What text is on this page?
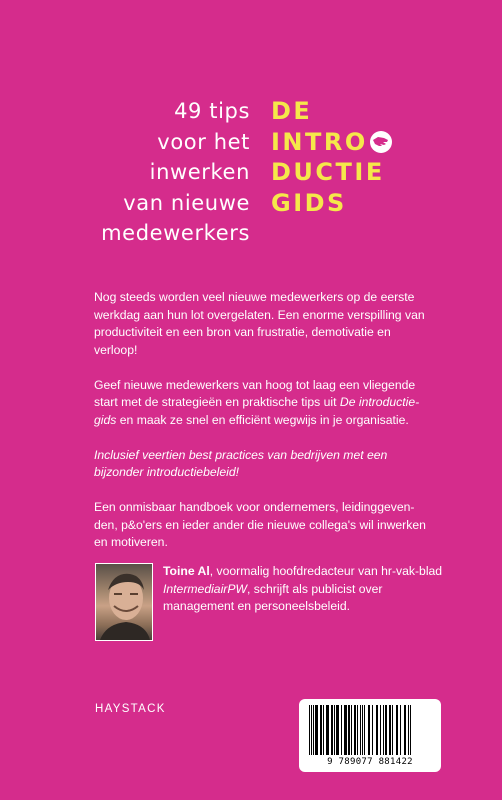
49 tips
voor het
inwerken
van nieuwe
medewerkers
DE
INTRO
DUCTIE
GIDS

Nog steeds worden veel nieuwe medewerkers op de eerste werkdag aan hun lot overgelaten. Een enorme verspilling van productiviteit en een bron van frustratie, demotivatie en verloop!

Geef nieuwe medewerkers van hoog tot laag een vliegende start met de strategieën en praktische tips uit De introductie-gids en maak ze snel en efficiënt wegwijs in je organisatie.

Inclusief veertien best practices van bedrijven met een bijzonder introductiebeleid!

Een onmisbaar handboek voor ondernemers, leidinggeven-den, p&o'ers en ieder ander die nieuwe collega's wil inwerken en motiveren.

Toine Al, voormalig hoofdredacteur van hr-vak-blad IntermediairPW, schrijft als publicist over management en personeelsbeleid.
HAYSTACK
9 789077 881422
